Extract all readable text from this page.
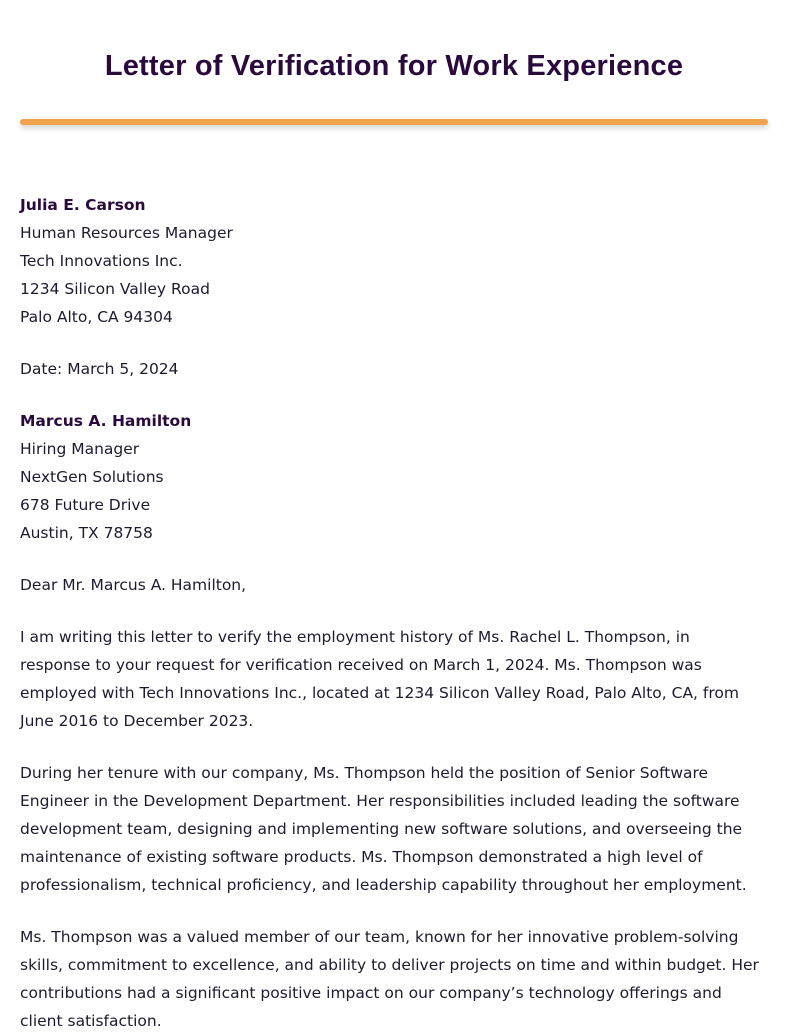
Letter of Verification for Work Experience
Julia E. Carson
Human Resources Manager
Tech Innovations Inc.
1234 Silicon Valley Road
Palo Alto, CA 94304
Date: March 5, 2024
Marcus A. Hamilton
Hiring Manager
NextGen Solutions
678 Future Drive
Austin, TX 78758
Dear Mr. Marcus A. Hamilton,

I am writing this letter to verify the employment history of Ms. Rachel L. Thompson, in response to your request for verification received on March 1, 2024. Ms. Thompson was employed with Tech Innovations Inc., located at 1234 Silicon Valley Road, Palo Alto, CA, from June 2016 to December 2023.

During her tenure with our company, Ms. Thompson held the position of Senior Software Engineer in the Development Department. Her responsibilities included leading the software development team, designing and implementing new software solutions, and overseeing the maintenance of existing software products. Ms. Thompson demonstrated a high level of professionalism, technical proficiency, and leadership capability throughout her employment.

Ms. Thompson was a valued member of our team, known for her innovative problem-solving skills, commitment to excellence, and ability to deliver projects on time and within budget. Her contributions had a significant positive impact on our company’s technology offerings and client satisfaction.
